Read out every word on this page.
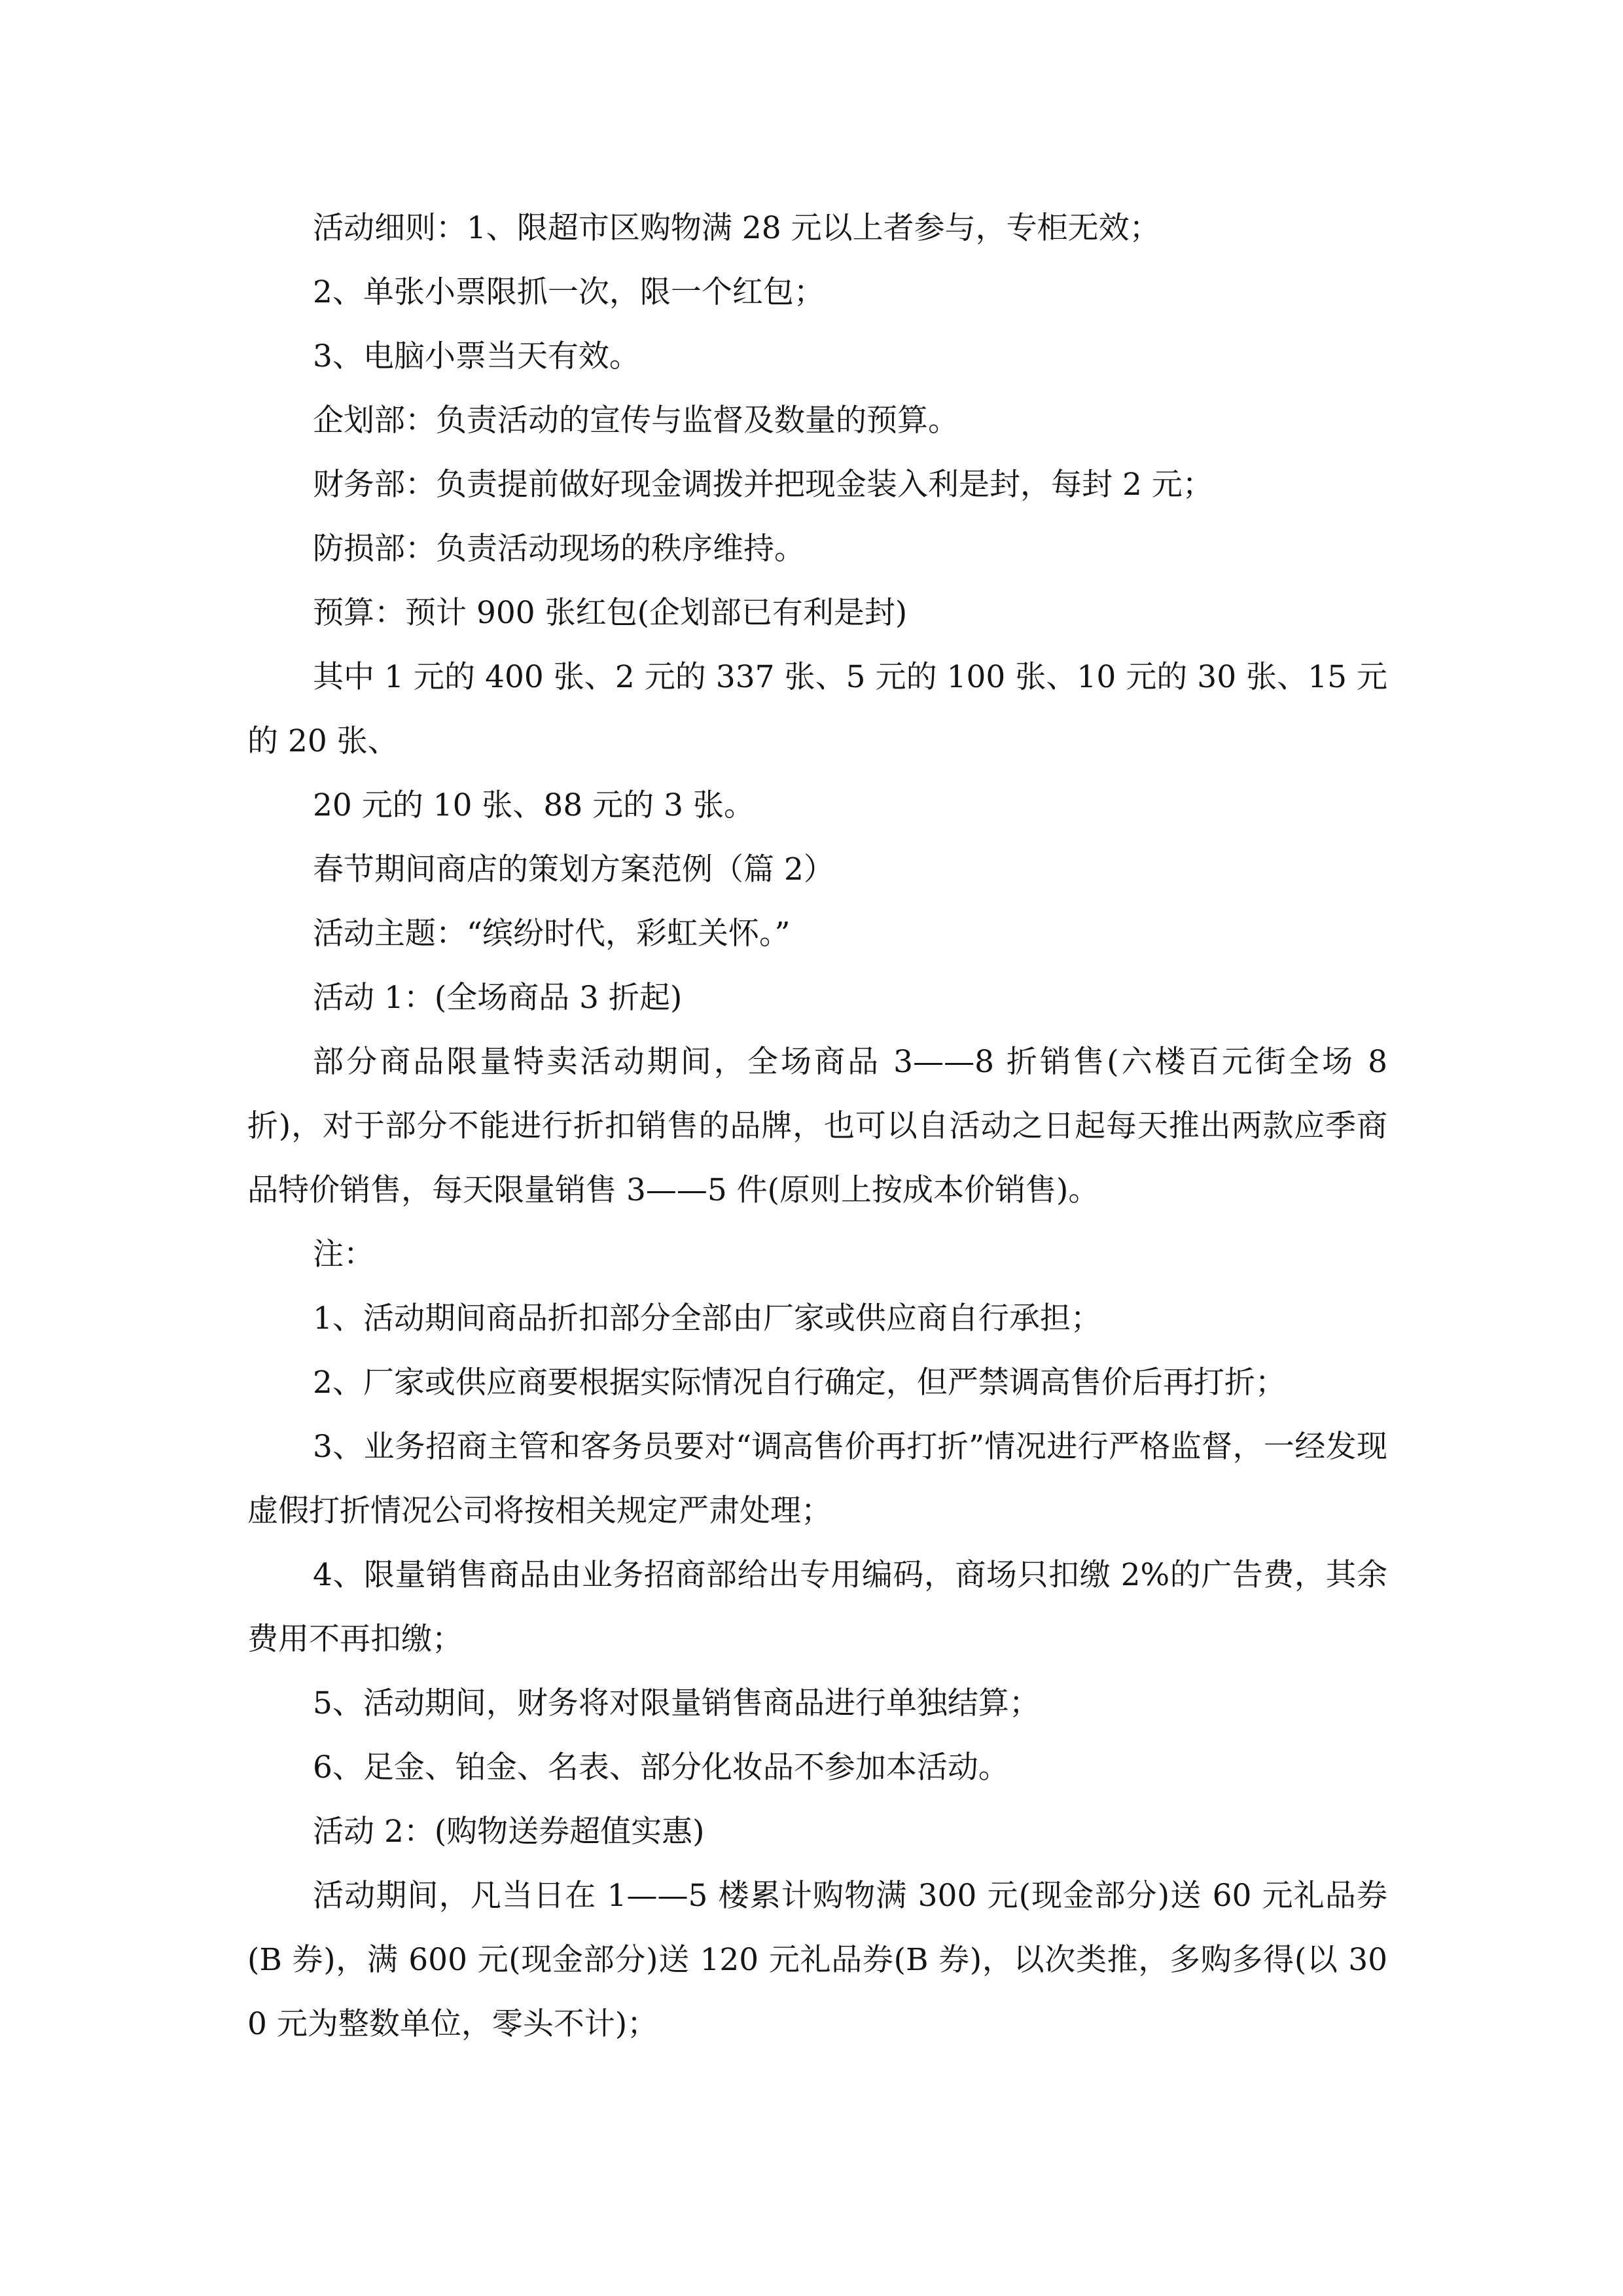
活动细则：1、限超市区购物满 28 元以上者参与，专柜无效；

2、单张小票限抓一次，限一个红包；

3、电脑小票当天有效。

企划部：负责活动的宣传与监督及数量的预算。

财务部：负责提前做好现金调拨并把现金装入利是封，每封 2 元；

防损部：负责活动现场的秩序维持。

预算：预计 900 张红包(企划部已有利是封)

其中 1 元的 400 张、2 元的 337 张、5 元的 100 张、10 元的 30 张、15 元的 20 张、

20 元的 10 张、88 元的 3 张。

春节期间商店的策划方案范例（篇 2）

活动主题：“缤纷时代，彩虹关怀。”

活动 1：(全场商品 3 折起)

部分商品限量特卖活动期间，全场商品 3——8 折销售(六楼百元街全场 8 折)，对于部分不能进行折扣销售的品牌，也可以自活动之日起每天推出两款应季商品特价销售，每天限量销售 3——5 件(原则上按成本价销售)。

注：

1、活动期间商品折扣部分全部由厂家或供应商自行承担；

2、厂家或供应商要根据实际情况自行确定，但严禁调高售价后再打折；

3、业务招商主管和客务员要对“调高售价再打折”情况进行严格监督，一经发现虚假打折情况公司将按相关规定严肃处理；

4、限量销售商品由业务招商部给出专用编码，商场只扣缴 2%的广告费，其余费用不再扣缴；

5、活动期间，财务将对限量销售商品进行单独结算；

6、足金、铂金、名表、部分化妆品不参加本活动。

活动 2：(购物送券超值实惠)

活动期间，凡当日在 1——5 楼累计购物满 300 元(现金部分)送 60 元礼品券(B 券)，满 600 元(现金部分)送 120 元礼品券(B 券)，以次类推，多购多得(以 300 元为整数单位，零头不计)；
